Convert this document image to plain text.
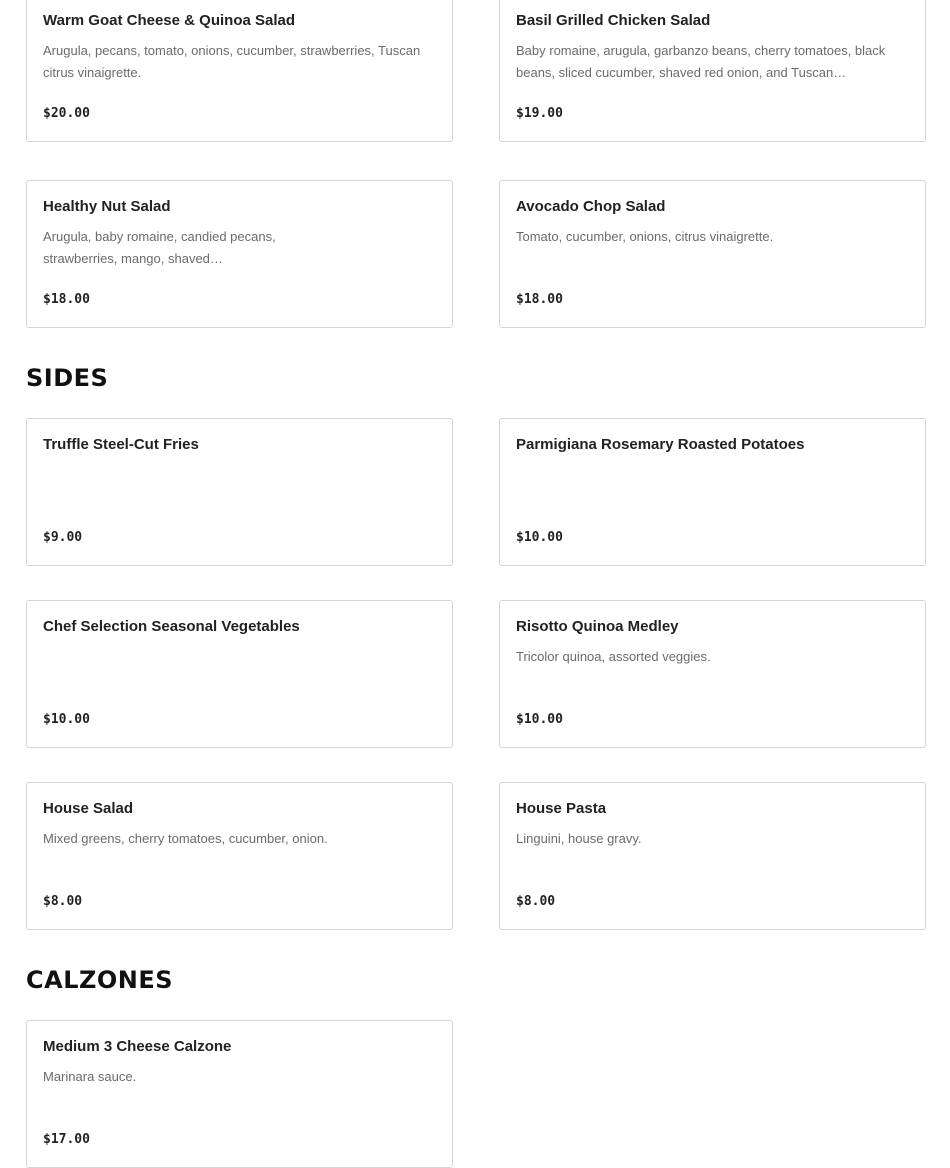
Warm Goat Cheese & Quinoa Salad
Arugula, pecans, tomato, onions, cucumber, strawberries, Tuscan citrus vinaigrette.
$20.00
Basil Grilled Chicken Salad
Baby romaine, arugula, garbanzo beans, cherry tomatoes, black beans, sliced cucumber, shaved red onion, and Tuscan…
$19.00
Healthy Nut Salad
Arugula, baby romaine, candied pecans, strawberries, mango, shaved…
$18.00
Avocado Chop Salad
Tomato, cucumber, onions, citrus vinaigrette.
$18.00
SIDES
Truffle Steel-Cut Fries
$9.00
Parmigiana Rosemary Roasted Potatoes
$10.00
Chef Selection Seasonal Vegetables
$10.00
Risotto Quinoa Medley
Tricolor quinoa, assorted veggies.
$10.00
House Salad
Mixed greens, cherry tomatoes, cucumber, onion.
$8.00
House Pasta
Linguini, house gravy.
$8.00
CALZONES
Medium 3 Cheese Calzone
Marinara sauce.
$17.00
